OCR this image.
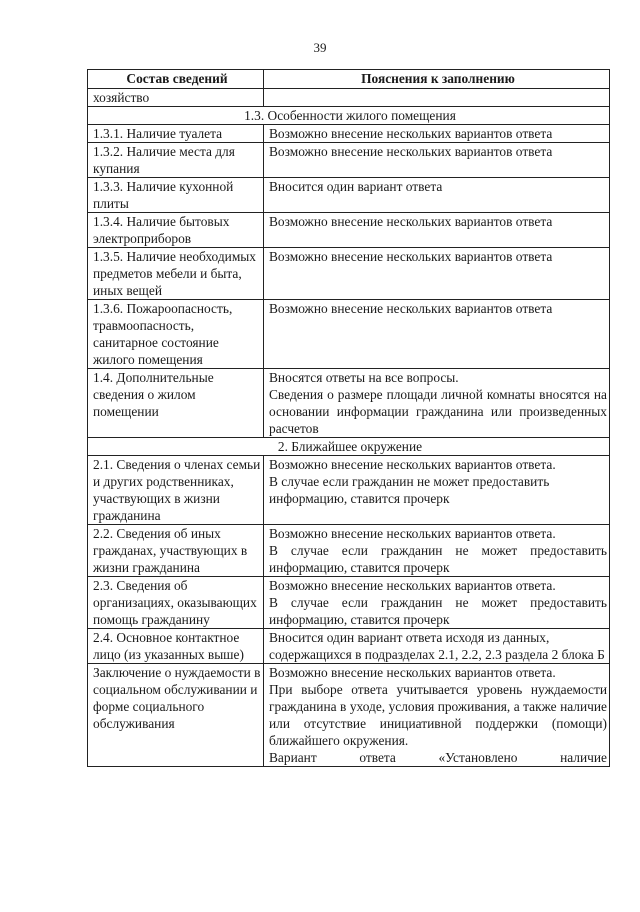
39
Состав сведений	Пояснения к заполнению
хозяйство	
1.3. Особенности жилого помещения	
1.3.1. Наличие туалета	Возможно внесение нескольких вариантов ответа
1.3.2. Наличие места для купания	Возможно внесение нескольких вариантов ответа
1.3.3. Наличие кухонной плиты	Вносится один вариант ответа
1.3.4. Наличие бытовых электроприборов	Возможно внесение нескольких вариантов ответа
1.3.5. Наличие необходимых предметов мебели и быта, иных вещей	Возможно внесение нескольких вариантов ответа
1.3.6. Пожароопасность, травмоопасность, санитарное состояние жилого помещения	Возможно внесение нескольких вариантов ответа
1.4. Дополнительные сведения о жилом помещении	Вносятся ответы на все вопросы.
Сведения о размере площади личной комнаты вносятся на основании информации гражданина или произведенных расчетов

2. Ближайшее окружение	
2.1. Сведения о членах семьи и других родственниках, участвующих в жизни гражданина	Возможно внесение нескольких вариантов ответа.
В случае если гражданин не может предоставить информацию, ставится прочерк

2.2. Сведения об иных гражданах, участвующих в жизни гражданина	Возможно внесение нескольких вариантов ответа.
В случае если гражданин не может предоставить информацию, ставится прочерк

2.3. Сведения об организациях, оказывающих помощь гражданину	Возможно внесение нескольких вариантов ответа.
В случае если гражданин не может предоставить информацию, ставится прочерк

2.4. Основное контактное лицо (из указанных выше)	Вносится один вариант ответа исходя из данных, содержащихся в подразделах 2.1, 2.2, 2.3 раздела 2 блока Б

Заключение о нуждаемости в социальном обслуживании и форме социального обслуживания	Возможно внесение нескольких вариантов ответа.
При выборе ответа учитывается уровень нуждаемости гражданина в уходе, условия проживания, а также наличие или отсутствие инициативной поддержки (помощи) ближайшего окружения.
Вариант ответа «Установлено наличие
